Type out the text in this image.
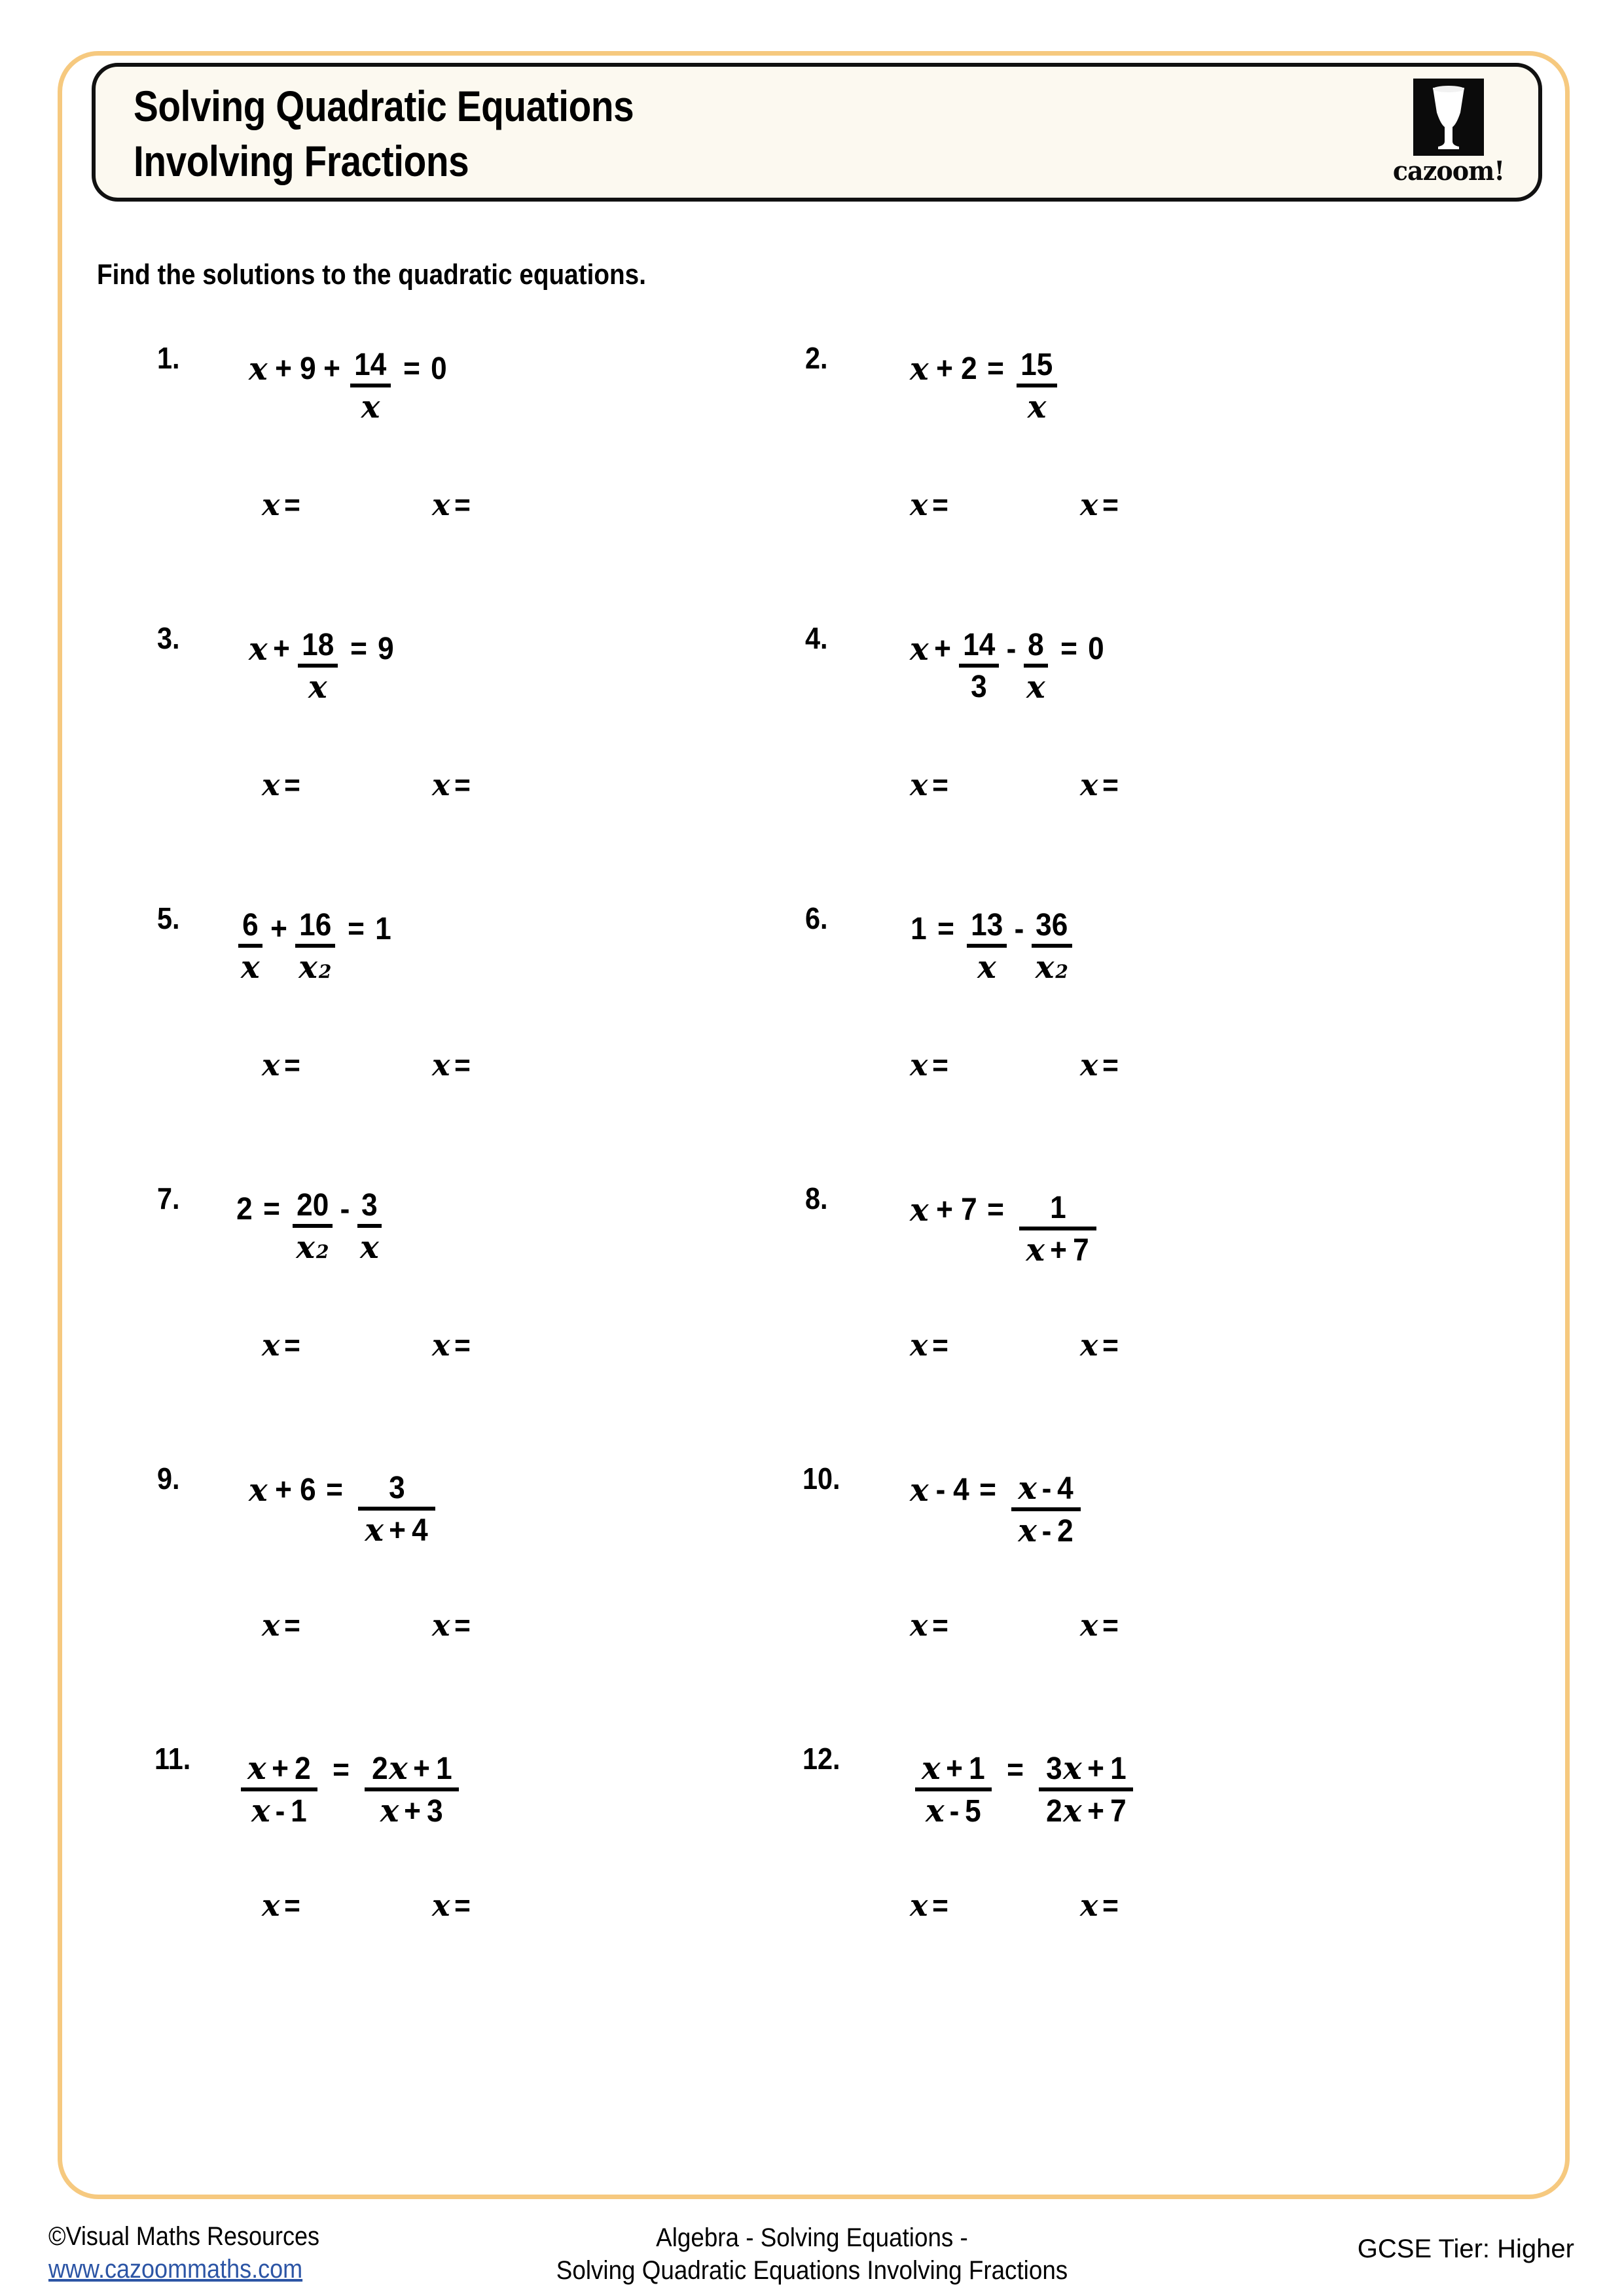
Solving Quadratic Equations
Involving Fractions	cazoom!
Find the solutions to the quadratic equations.
1. x + 9 + 14
x
= 0
x =	x =
2.	x + 2 = 15
x
x =	x =
3. x + 18
x
= 9
x =	x =
4.	x + 14
3
- 8
x
= 0
x =	x =
5. 6
x
+ 16
x 2
= 1
x =	x =
6.	1 = 13
x
- 36
x 2
x =	x =
7. 2 = 20
x 2
- 3
x
x =	x =
8.	x + 7 = 1
x + 7
x =	x =
9. x + 6 = 3
x + 4
x =	x =
10. x - 4 = x - 4
x - 2
x =	x =
11. x + 2
x - 1
= 2 x + 1
x + 3
x =	x =
12.	x + 1
x - 5
= 3 x + 1
2 x + 7
x =	x =
©Visual Maths Resources
www.cazoommaths.com
Algebra - Solving Equations -
Solving Quadratic Equations Involving Fractions
GCSE Tier: Higher
